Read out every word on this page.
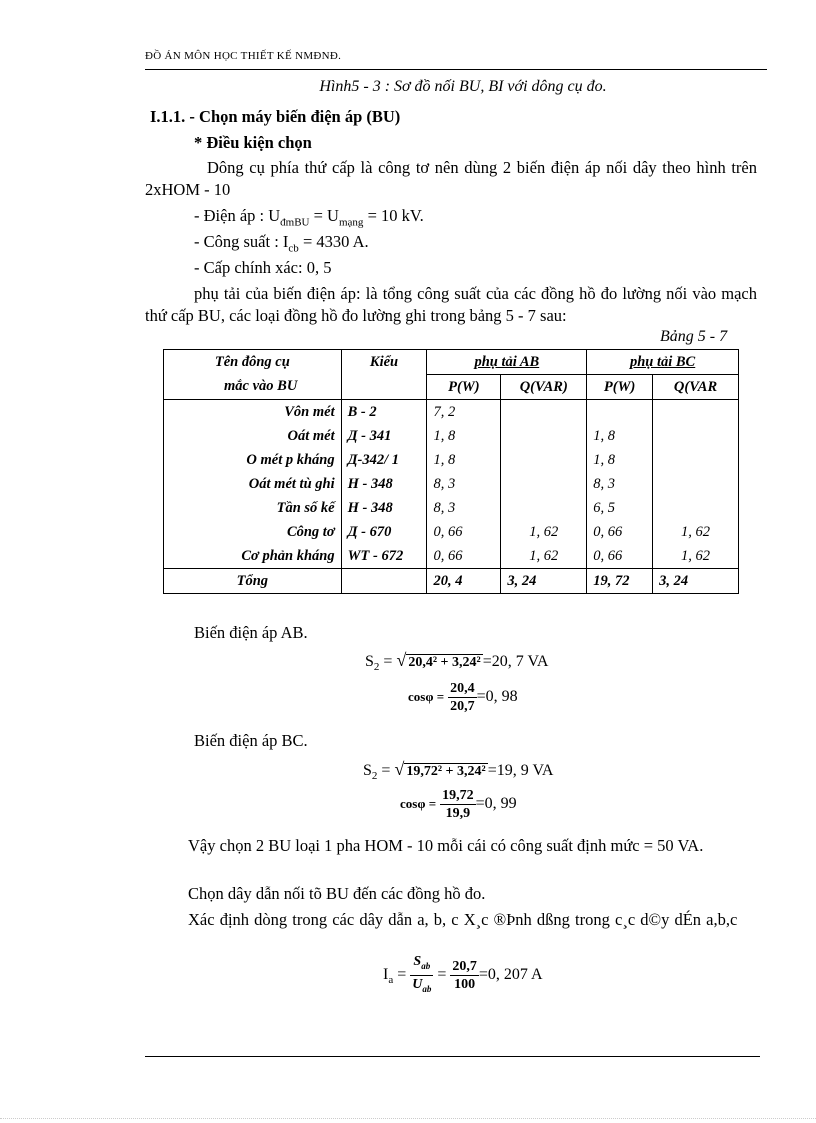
ĐỒ ÁN MÔN HỌC THIẾT KẾ NMĐNĐ.
Hình5 - 3 : Sơ đồ nối BU, BI với dông cụ đo.
I.1.1. - Chọn máy biến điện áp (BU)
* Điều kiện chọn
Dông cụ phía thứ cấp là công tơ nên dùng 2 biến điện áp nối dây theo hình trên 2xHOM - 10
- Điện áp : $U_{đmBU} = U_{mạng} = 10$ kV.
- Công suất : $I_{cb} = 4330$ A.
- Cấp chính xác: 0, 5
phụ tải của biến điện áp: là tổng công suất của các đồng hồ đo lường nối vào mạch thứ cấp BU, các loại đồng hồ đo lường ghi trong bảng 5 - 7 sau:
Bảng 5 - 7
Tên đông cụ	Kiểu	phụ tải AB		phụ tải BC	
mắc vào BU		P(W)	Q(VAR)	P(W)	Q(VAR
Vôn mét	B - 2	7, 2			
Oát mét	Д - 341	1, 8		1, 8	
O mét p kháng	Д-342/ 1	1, 8		1, 8	
Oát mét tù ghi	H - 348	8, 3		8, 3	
Tần số kế	H - 348	8, 3		6, 5	
Công tơ	Д - 670	0, 66	1, 62	0, 66	1, 62
Cơ phản kháng	WT - 672	0, 66	1, 62	0, 66	1, 62
Tổng		20, 4	3, 24	19, 72	3, 24
Biến điện áp AB.
$S_2$ = √ 20,4² + 3,24² =20, 7 VA
$\cos\varphi = \frac{20,4}{20,7} =0$, 98
Biến điện áp BC.
$S_2$ = √ 19,72² + 3,24² =19, 9 VA
$\cos\varphi = \frac{19,72}{19,9} =0$, 99
Vậy chọn 2 BU loại 1 pha HOM - 10 mỗi cái có công suất định mức = 50 VA.
Chọn dây dẫn nối tõ BU đến các đồng hồ đo.
Xác định dòng trong các dây dẫn a, b, c X¸c ®Þnh dßng trong c¸c d©y dÉn a,b,c
$I_a = \frac{S_{ab}}{U_{ab}} = \frac{20,7}{100} =0$, 207 A
